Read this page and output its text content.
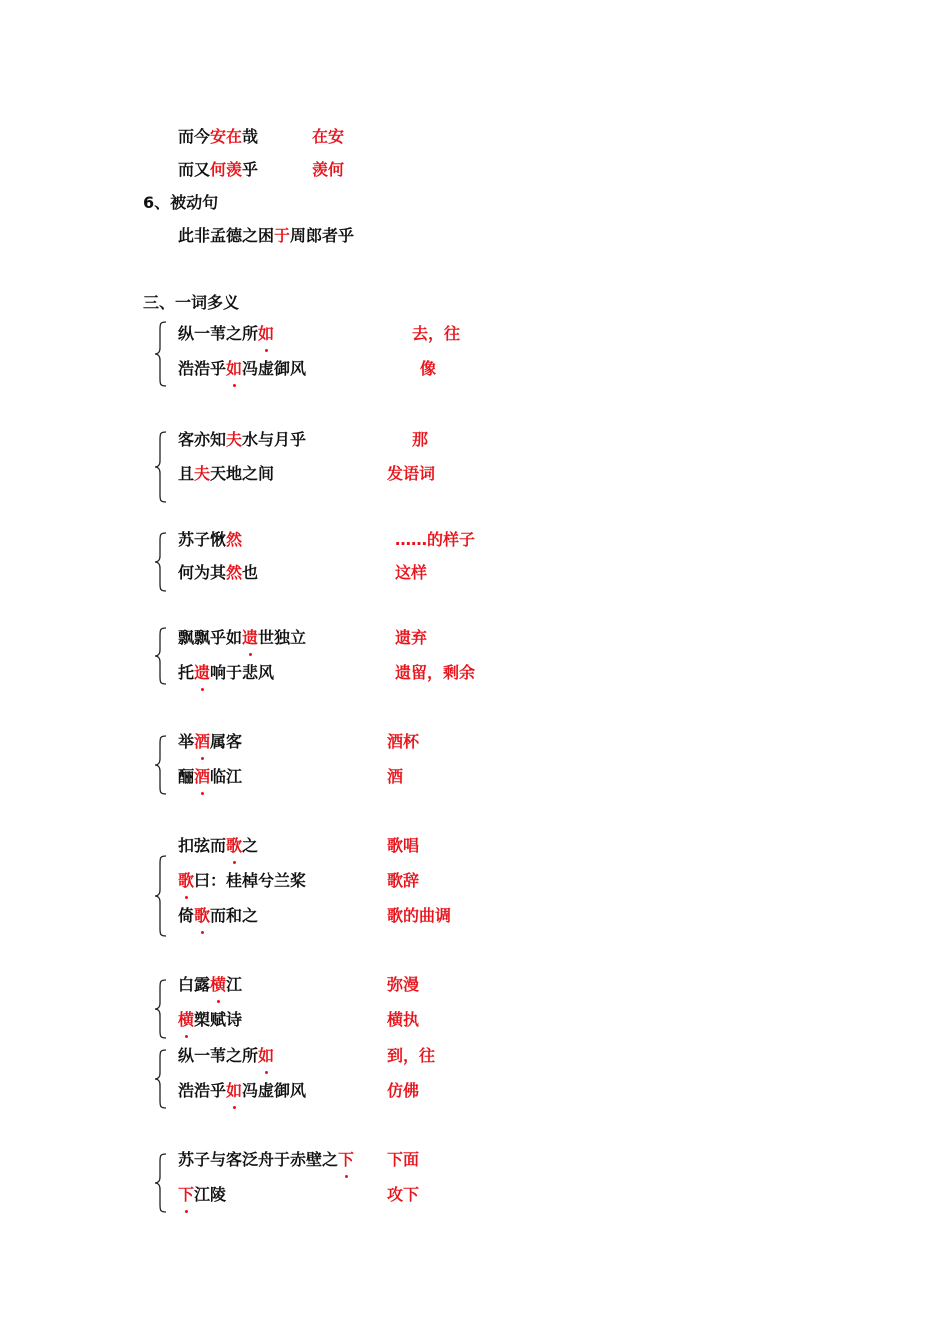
而今安在哉	在安
而又何羡乎	羡何
6、被动句
此非孟德之困于周郎者乎
三、一词多义
纵一苇之所如	去，往
浩浩乎如冯虚御风	像
客亦知夫水与月乎	那
且夫天地之间	发语词
苏子愀然	……的样子
何为其然也	这样
飘飘乎如遗世独立	遗弃
托遗响于悲风	遗留，剩余
举酒属客	酒杯
酾酒临江	酒
扣弦而歌之	歌唱
歌曰：桂棹兮兰桨	歌辞
倚歌而和之	歌的曲调
白露横江	弥漫
横槊赋诗	横执
纵一苇之所如	到，往
浩浩乎如冯虚御风	仿佛
苏子与客泛舟于赤壁之下 下面
下江陵	攻下
